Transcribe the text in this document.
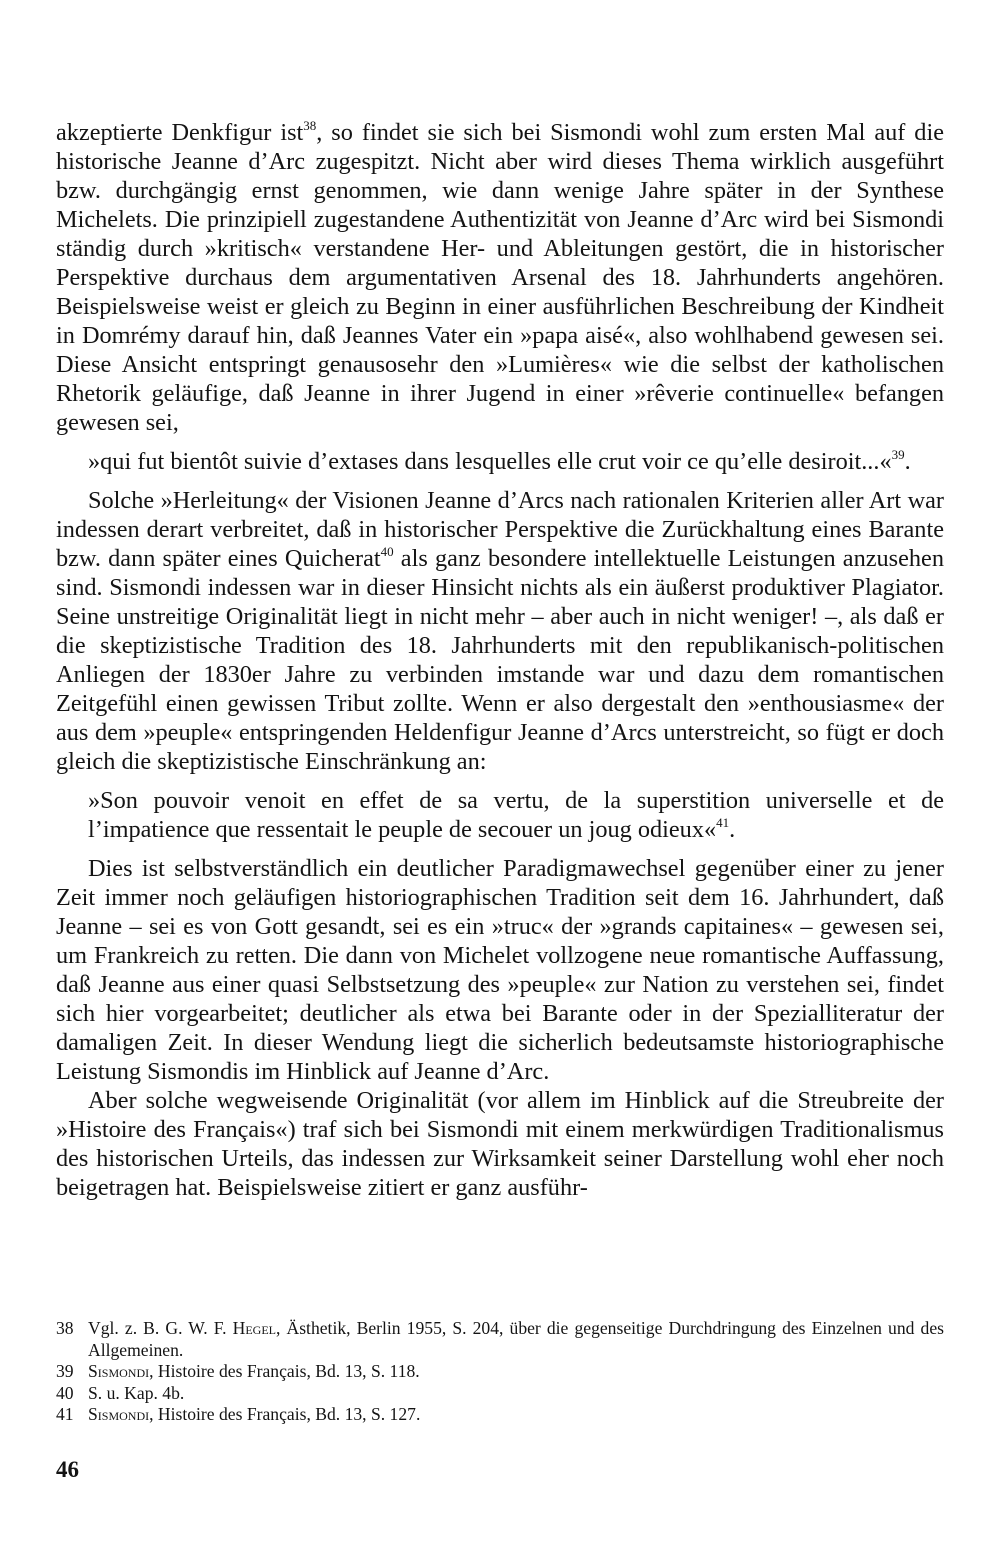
akzeptierte Denkfigur ist$^{38}$, so findet sie sich bei Sismondi wohl zum ersten Mal auf die historische Jeanne d’Arc zugespitzt. Nicht aber wird dieses Thema wirklich ausgeführt bzw. durchgängig ernst genommen, wie dann wenige Jahre später in der Synthese Michelets. Die prinzipiell zugestandene Authentizität von Jeanne d’Arc wird bei Sismondi ständig durch »kritisch« verstandene Her- und Ableitungen gestört, die in historischer Perspektive durchaus dem argumentativen Arsenal des 18. Jahrhunderts angehören. Beispielsweise weist er gleich zu Beginn in einer ausführlichen Beschreibung der Kindheit in Domrémy darauf hin, daß Jeannes Vater ein »papa aisé«, also wohlhabend gewesen sei. Diese Ansicht entspringt genausosehr den »Lumières« wie die selbst der katholischen Rhetorik geläufige, daß Jeanne in ihrer Jugend in einer »rêverie continuelle« befangen gewesen sei,

»qui fut bientôt suivie d’extases dans lesquelles elle crut voir ce qu’elle desiroit...«$^{39}$.

Solche »Herleitung« der Visionen Jeanne d’Arcs nach rationalen Kriterien aller Art war indessen derart verbreitet, daß in historischer Perspektive die Zurückhaltung eines Barante bzw. dann später eines Quicherat$^{40}$ als ganz besondere intellektuelle Leistungen anzusehen sind. Sismondi indessen war in dieser Hinsicht nichts als ein äußerst produktiver Plagiator. Seine unstreitige Originalität liegt in nicht mehr – aber auch in nicht weniger! –, als daß er die skeptizistische Tradition des 18. Jahrhunderts mit den republikanisch-politischen Anliegen der 1830er Jahre zu verbinden imstande war und dazu dem romantischen Zeitgefühl einen gewissen Tribut zollte. Wenn er also dergestalt den »enthousiasme« der aus dem »peuple« entspringenden Heldenfigur Jeanne d’Arcs unterstreicht, so fügt er doch gleich die skeptizistische Einschränkung an:

»Son pouvoir venoit en effet de sa vertu, de la superstition universelle et de l’impatience que ressentait le peuple de secouer un joug odieux«$^{41}$.

Dies ist selbstverständlich ein deutlicher Paradigmawechsel gegenüber einer zu jener Zeit immer noch geläufigen historiographischen Tradition seit dem 16. Jahrhundert, daß Jeanne – sei es von Gott gesandt, sei es ein »truc« der »grands capitaines« – gewesen sei, um Frankreich zu retten. Die dann von Michelet vollzogene neue romantische Auffassung, daß Jeanne aus einer quasi Selbstsetzung des »peuple« zur Nation zu verstehen sei, findet sich hier vorgearbeitet; deutlicher als etwa bei Barante oder in der Spezialliteratur der damaligen Zeit. In dieser Wendung liegt die sicherlich bedeutsamste historiographische Leistung Sismondis im Hinblick auf Jeanne d’Arc.

Aber solche wegweisende Originalität (vor allem im Hinblick auf die Streubreite der »Histoire des Français«) traf sich bei Sismondi mit einem merkwürdigen Traditionalismus des historischen Urteils, das indessen zur Wirksamkeit seiner Darstellung wohl eher noch beigetragen hat. Beispielsweise zitiert er ganz ausführ-

38 Vgl. z. B. G. W. F. Hegel, Ästhetik, Berlin 1955, S. 204, über die gegenseitige Durchdringung des Einzelnen und des Allgemeinen.

39 Sismondi, Histoire des Français, Bd. 13, S. 118.

40 S. u. Kap. 4b.

41 Sismondi, Histoire des Français, Bd. 13, S. 127.

46
